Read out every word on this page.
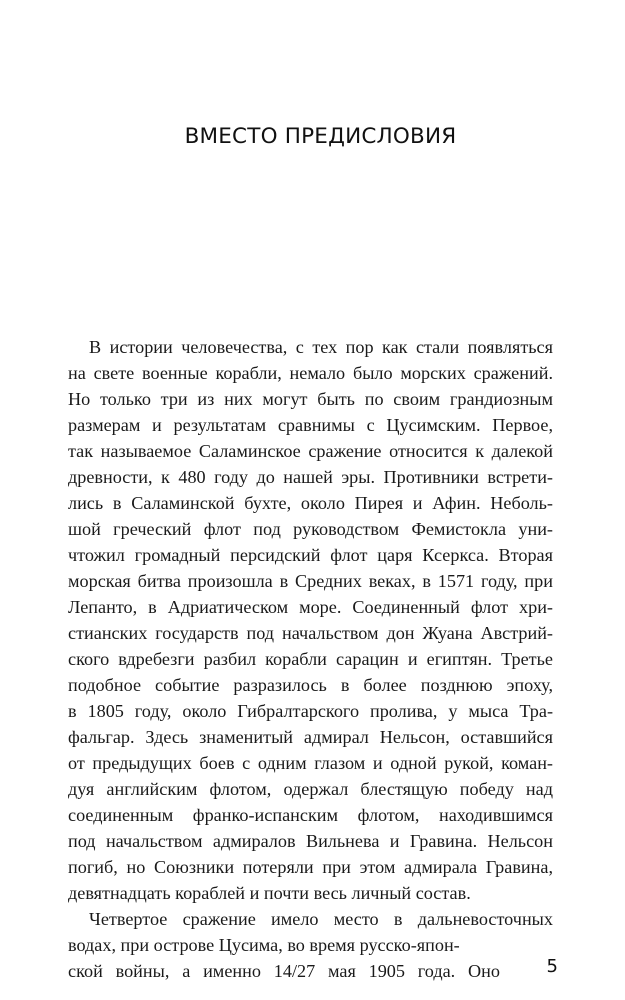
ВМЕСТО ПРЕДИСЛОВИЯ
В истории человечества, с тех пор как стали появляться
на свете военные корабли, немало было морских сражений.
Но только три из них могут быть по своим грандиозным
размерам и результатам сравнимы с Цусимским. Первое,
так называемое Саламинское сражение относится к далекой
древности, к 480 году до нашей эры. Противники встрети-
лись в Саламинской бухте, около Пирея и Афин. Неболь-
шой греческий флот под руководством Фемистокла уни-
чтожил громадный персидский флот царя Ксеркса. Вторая
морская битва произошла в Средних веках, в 1571 году, при
Лепанто, в Адриатическом море. Соединенный флот хри-
стианских государств под начальством дон Жуана Австрий-
ского вдребезги разбил корабли сарацин и египтян. Третье
подобное событие разразилось в более позднюю эпоху,
в 1805 году, около Гибралтарского пролива, у мыса Тра-
фальгар. Здесь знаменитый адмирал Нельсон, оставшийся
от предыдущих боев с одним глазом и одной рукой, коман-
дуя английским флотом, одержал блестящую победу над
соединенным франко-испанским флотом, находившимся
под начальством адмиралов Вильнева и Гравина. Нельсон
погиб, но Союзники потеряли при этом адмирала Гравина,
девятнадцать кораблей и почти весь личный состав.
Четвертое сражение имело место в дальневосточных
водах, при острове Цусима, во время русско-япон-
ской войны, а именно 14/27 мая 1905 года. Оно	5
